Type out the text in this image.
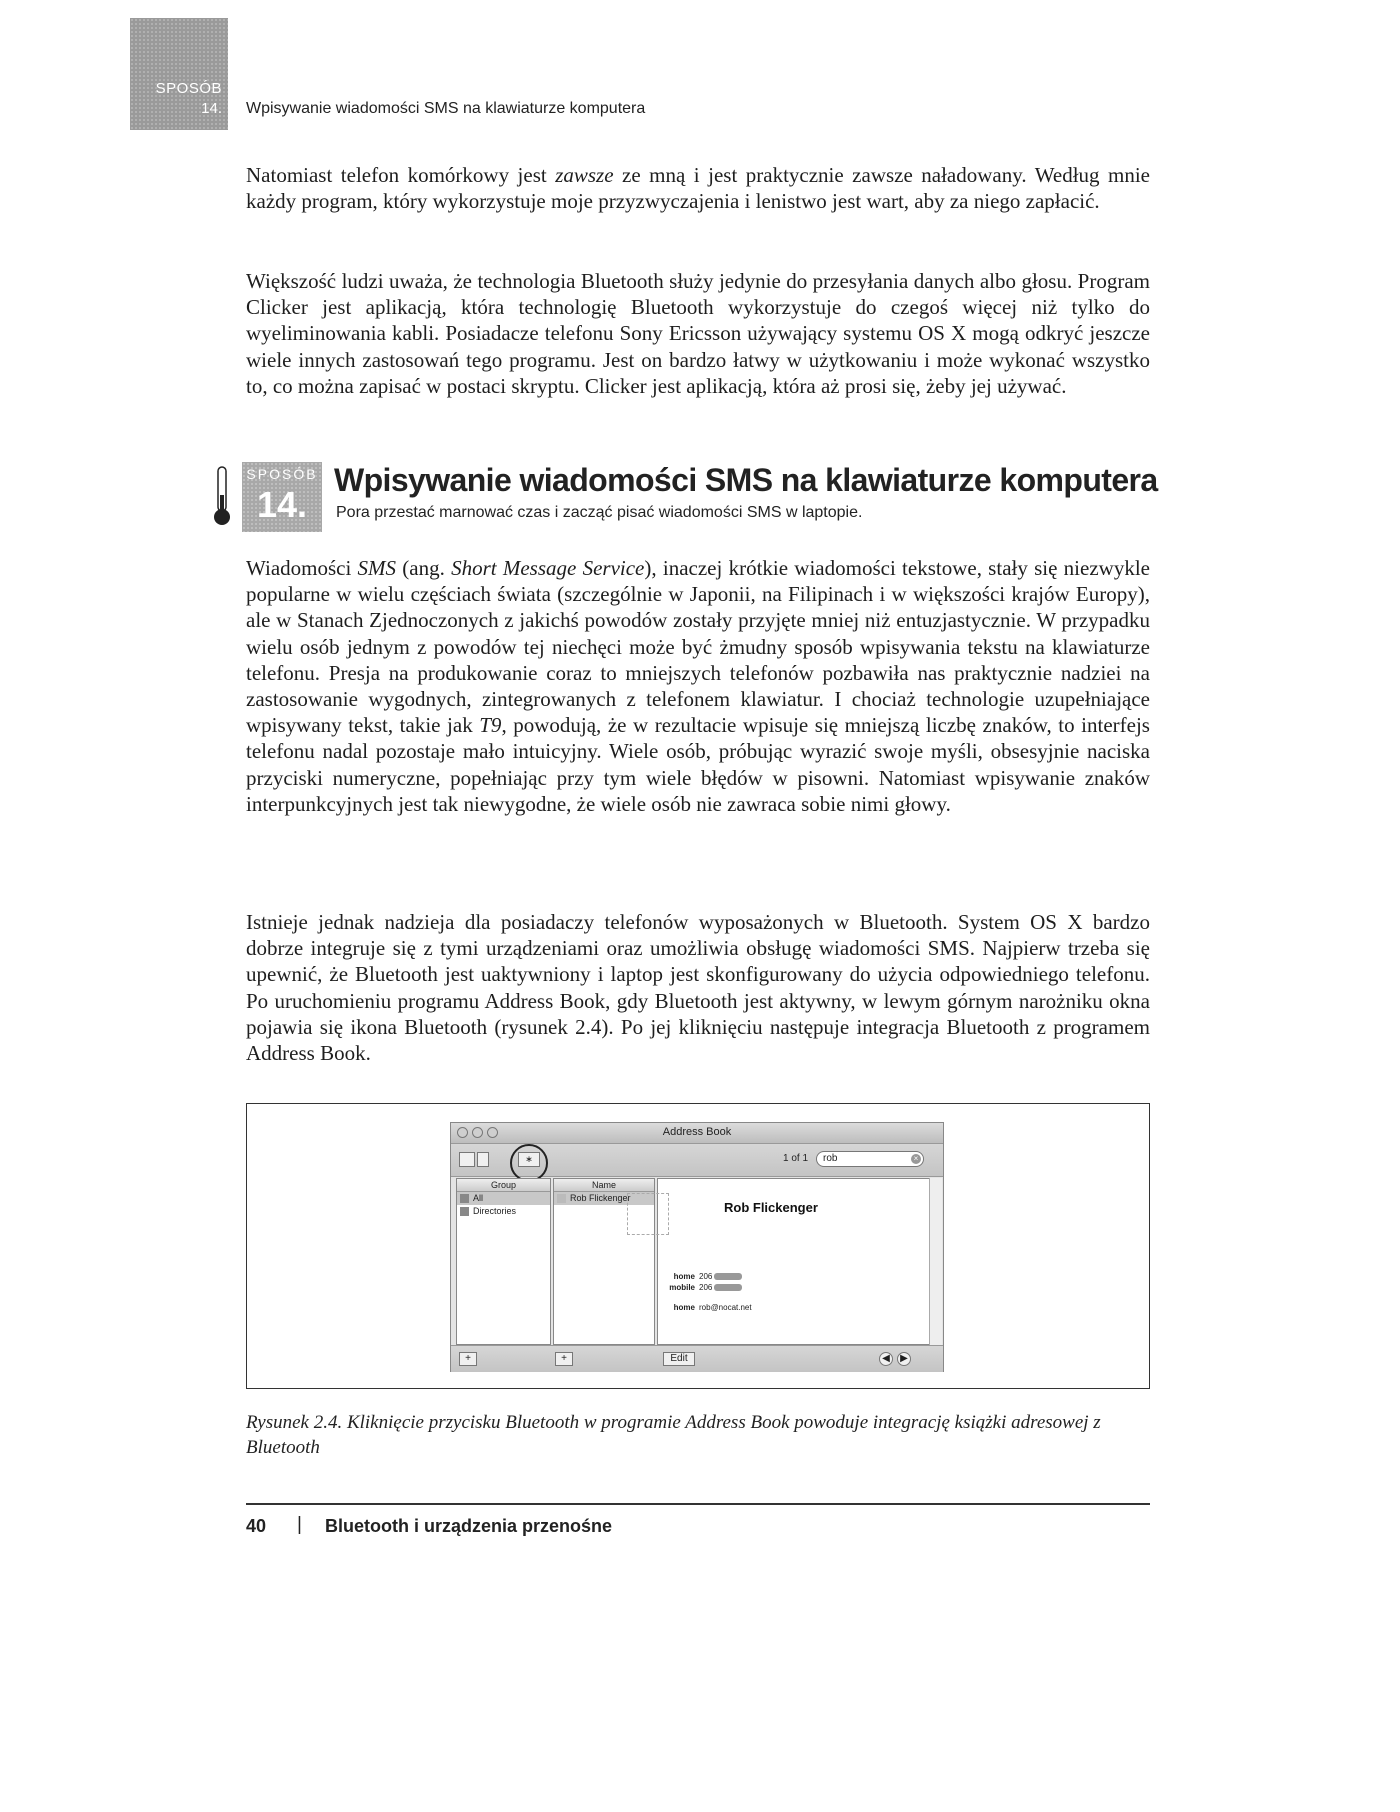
SPOSÓB
14. Wpisywanie wiadomości SMS na klawiaturze komputera
Natomiast telefon komórkowy jest zawsze ze mną i jest praktycznie zawsze naładowany. Według mnie każdy program, który wykorzystuje moje przyzwyczajenia i lenistwo jest wart, aby za niego zapłacić.
Większość ludzi uważa, że technologia Bluetooth służy jedynie do przesyłania danych albo głosu. Program Clicker jest aplikacją, która technologię Bluetooth wykorzystuje do czegoś więcej niż tylko do wyeliminowania kabli. Posiadacze telefonu Sony Ericsson używający systemu OS X mogą odkryć jeszcze wiele innych zastosowań tego programu. Jest on bardzo łatwy w użytkowaniu i może wykonać wszystko to, co można zapisać w postaci skryptu. Clicker jest aplikacją, która aż prosi się, żeby jej używać.
SPOSÓB
14.
Wpisywanie wiadomości SMS na klawiaturze komputera
Pora przestać marnować czas i zacząć pisać wiadomości SMS w laptopie.
Wiadomości SMS (ang. Short Message Service), inaczej krótkie wiadomości tekstowe, stały się niezwykle popularne w wielu częściach świata (szczególnie w Japonii, na Filipinach i w większości krajów Europy), ale w Stanach Zjednoczonych z jakichś powodów zostały przyjęte mniej niż entuzjastycznie. W przypadku wielu osób jednym z powodów tej niechęci może być żmudny sposób wpisywania tekstu na klawiaturze telefonu. Presja na produkowanie coraz to mniejszych telefonów pozbawiła nas praktycznie nadziei na zastosowanie wygodnych, zintegrowanych z telefonem klawiatur. I chociaż technologie uzupełniające wpisywany tekst, takie jak T9, powodują, że w rezultacie wpisuje się mniejszą liczbę znaków, to interfejs telefonu nadal pozostaje mało intuicyjny. Wiele osób, próbując wyrazić swoje myśli, obsesyjnie naciska przyciski numeryczne, popełniając przy tym wiele błędów w pisowni. Natomiast wpisywanie znaków interpunkcyjnych jest tak niewygodne, że wiele osób nie zawraca sobie nimi głowy.
Istnieje jednak nadzieja dla posiadaczy telefonów wyposażonych w Bluetooth. System OS X bardzo dobrze integruje się z tymi urządzeniami oraz umożliwia obsługę wiadomości SMS. Najpierw trzeba się upewnić, że Bluetooth jest uaktywniony i laptop jest skonfigurowany do użycia odpowiedniego telefonu. Po uruchomieniu programu Address Book, gdy Bluetooth jest aktywny, w lewym górnym narożniku okna pojawia się ikona Bluetooth (rysunek 2.4). Po jej kliknięciu następuje integracja Bluetooth z programem Address Book.
Address Book
∗	1 of 1	rob	×
Group
All
Directories
Name
Rob Flickenger
Rob Flickenger
home 206
mobile 206
home rob@nocat.net
+	+	Edit	◀	▶
Rysunek 2.4. Kliknięcie przycisku Bluetooth w programie Address Book powoduje integrację książki adresowej z Bluetooth
40 | Bluetooth i urządzenia przenośne
